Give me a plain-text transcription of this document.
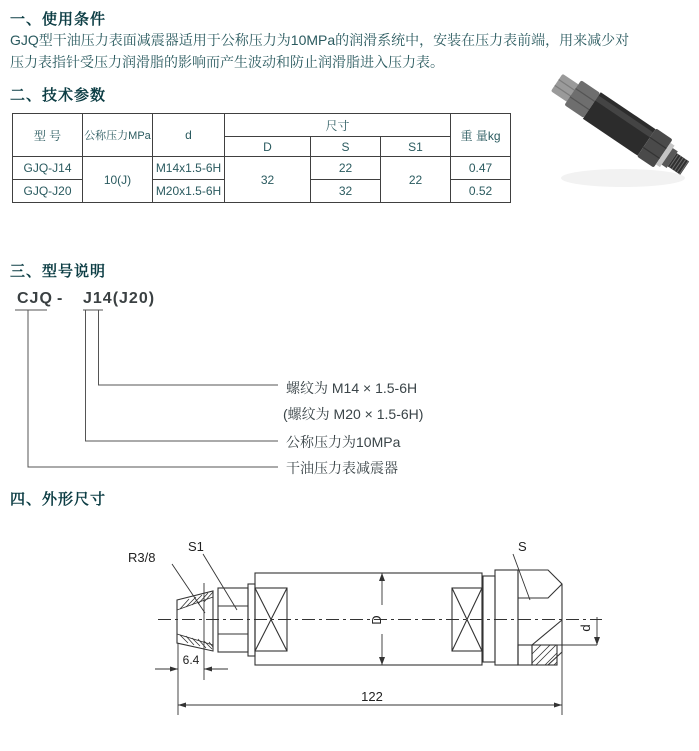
一、使用条件
GJQ型干油压力表面减震器适用于公称压力为10MPa的润滑系统中，安装在压力表前端，用来减少对
压力表指针受压力润滑脂的影响而产生波动和防止润滑脂进入压力表。
二、技术参数
型 号	公称压力MPa	d	尺寸			重 量kg
			D	S	S1	
GJQ-J14	10(J)	M14x1.5-6H	32	22	22	0.47
GJQ-J20		M20x1.5-6H		32		0.52
三、型号说明
CJQ - J14(J20)
螺纹为 M14 × 1.5-6H
(螺纹为 M20 × 1.5-6H)
公称压力为10MPa
干油压力表减震器
四、外形尺寸
R3/8
S1	S
D
d
6.4
122
